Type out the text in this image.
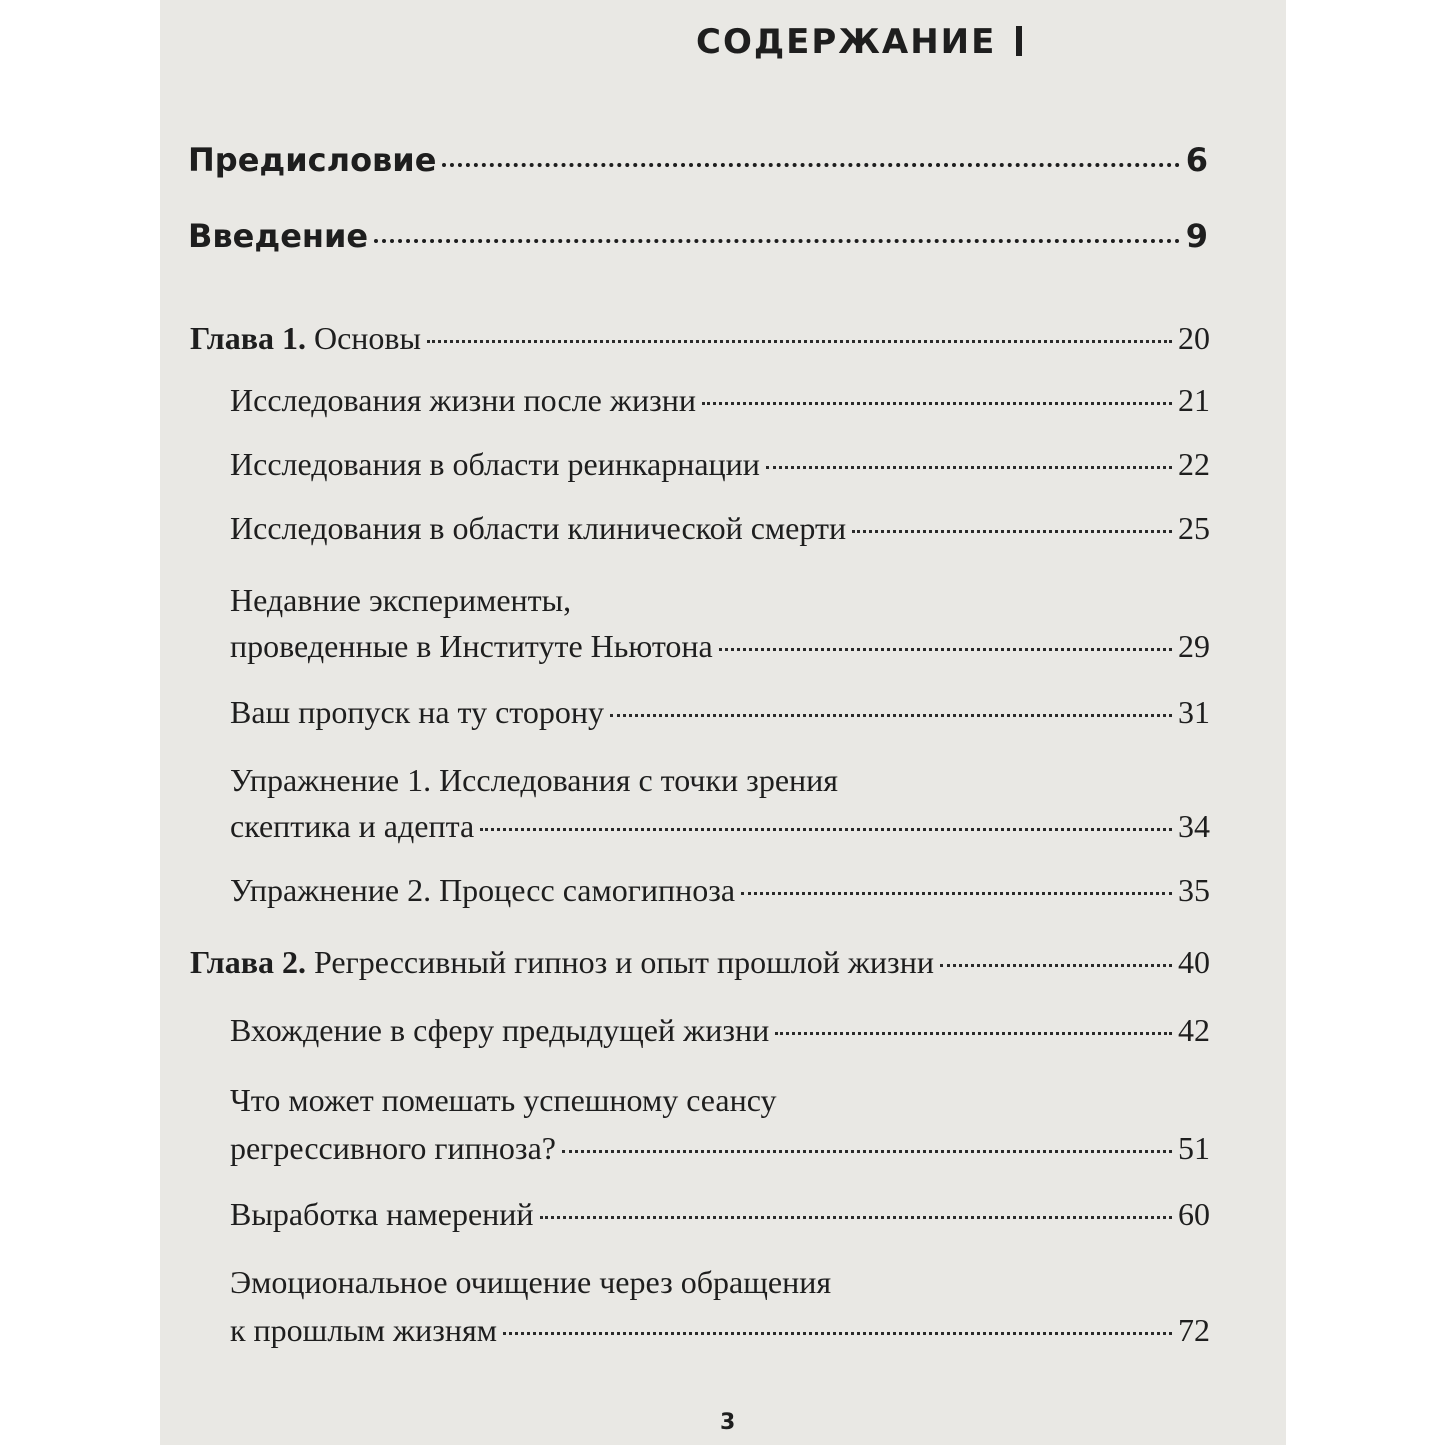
СОДЕРЖАНИЕ
Предисловие	6
Введение	9
Глава 1. Основы	20
Исследования жизни после жизни	21
Исследования в области реинкарнации	22
Исследования в области клинической смерти	25
Недавние эксперименты,
проведенные в Институте Ньютона	29
Ваш пропуск на ту сторону	31
Упражнение 1. Исследования с точки зрения
скептика и адепта	34
Упражнение 2. Процесс самогипноза	35
Глава 2. Регрессивный гипноз и опыт прошлой жизни	40
Вхождение в сферу предыдущей жизни	42
Что может помешать успешному сеансу
регрессивного гипноза?	51
Выработка намерений	60
Эмоциональное очищение через обращения
к прошлым жизням	72
3
